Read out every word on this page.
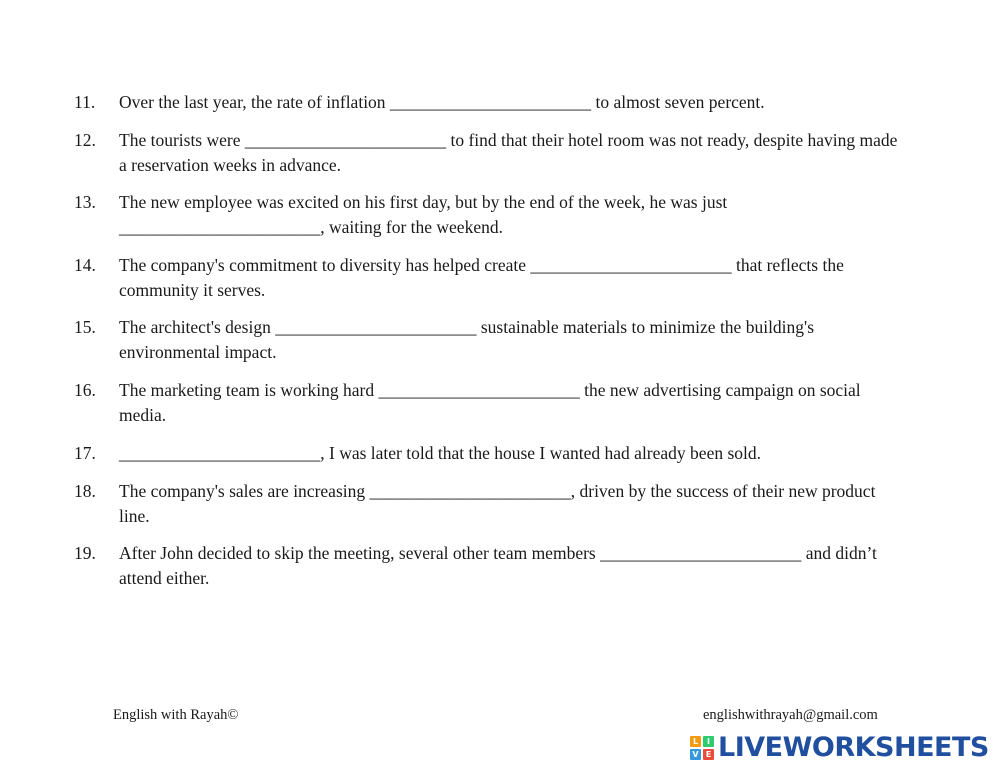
11. Over the last year, the rate of inflation _______________________ to almost seven percent.
12. The tourists were _______________________ to find that their hotel room was not ready, despite having made
a reservation weeks in advance.
13. The new employee was excited on his first day, but by the end of the week, he was just
_______________________, waiting for the weekend.
14. The company's commitment to diversity has helped create _______________________ that reflects the
community it serves.
15. The architect's design _______________________ sustainable materials to minimize the building's
environmental impact.
16. The marketing team is working hard _______________________ the new advertising campaign on social
media.
17. _______________________, I was later told that the house I wanted had already been sold.
18. The company's sales are increasing _______________________, driven by the success of their new product
line.
19. After John decided to skip the meeting, several other team members _______________________ and didn’t
attend either.
English with Rayah©	englishwithrayah@gmail.com
L	I
V E LIVEWORKSHEETS
